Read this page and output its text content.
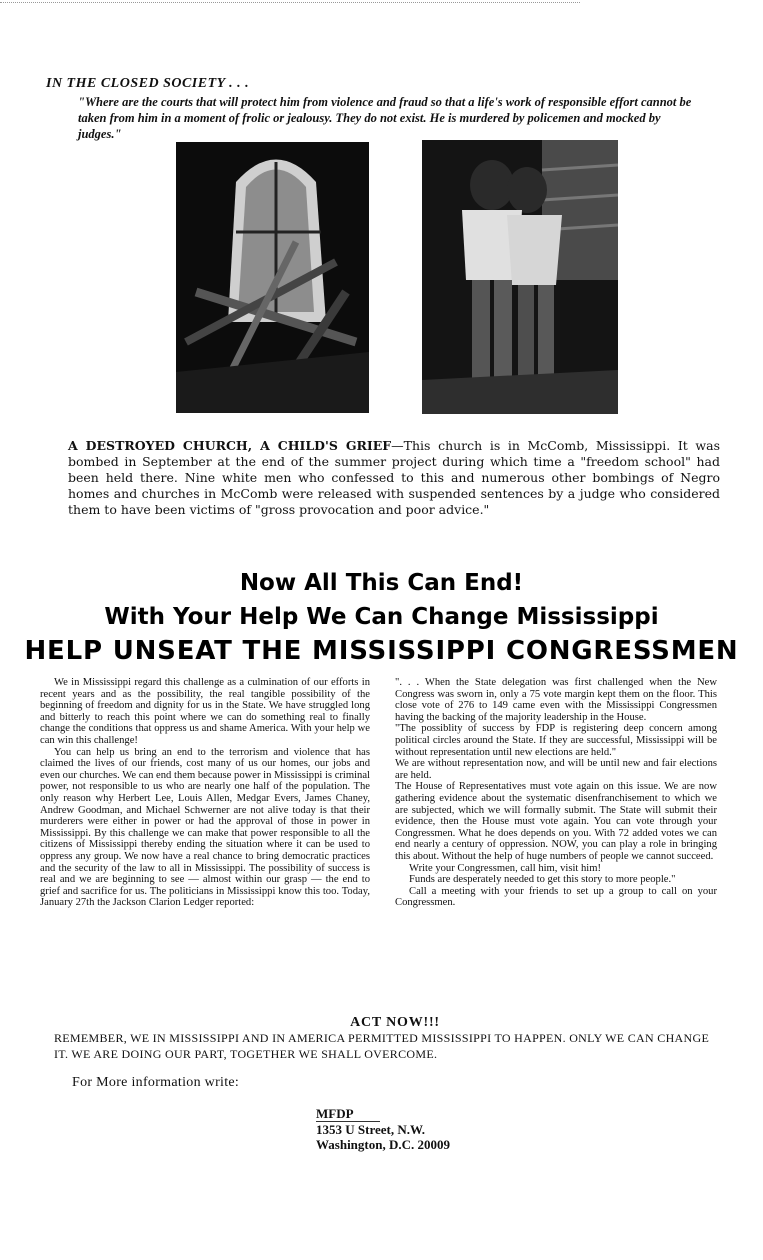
IN THE CLOSED SOCIETY . . .
"Where are the courts that will protect him from violence and fraud so that a life's work of responsible effort cannot be taken from him in a moment of frolic or jealousy. They do not exist. He is murdered by policemen and mocked by judges."
A DESTROYED CHURCH, A CHILD'S GRIEF—This church is in McComb, Mississippi. It was bombed in September at the end of the summer project during which time a "freedom school" had been held there. Nine white men who confessed to this and numerous other bombings of Negro homes and churches in McComb were released with suspended sentences by a judge who considered them to have been victims of "gross provocation and poor advice."
Now All This Can End!
With Your Help We Can Change Mississippi
HELP UNSEAT THE MISSISSIPPI CONGRESSMEN

We in Mississippi regard this challenge as a culmination of our efforts in recent years and as the possibility, the real tangible possibility of the beginning of freedom and dignity for us in the State. We have struggled long and bitterly to reach this point where we can do something real to finally change the conditions that oppress us and shame America. With your help we can win this challenge!

You can help us bring an end to the terrorism and violence that has claimed the lives of our friends, cost many of us our homes, our jobs and even our churches. We can end them because power in Mississippi is criminal power, not responsible to us who are nearly one half of the population. The only reason why Herbert Lee, Louis Allen, Medgar Evers, James Chaney, Andrew Goodman, and Michael Schwerner are not alive today is that their murderers were either in power or had the approval of those in power in Mississippi. By this challenge we can make that power responsible to all the citizens of Mississippi thereby ending the situation where it can be used to oppress any group. We now have a real chance to bring democratic practices and the security of the law to all in Mississippi. The possibility of success is real and we are beginning to see — almost within our grasp — the end to grief and sacrifice for us. The politicians in Mississippi know this too. Today, January 27th the Jackson Clarion Ledger reported:

". . . When the State delegation was first challenged when the New Congress was sworn in, only a 75 vote margin kept them on the floor. This close vote of 276 to 149 came even with the Mississippi Congressmen having the backing of the majority leadership in the House.

"The possiblity of success by FDP is registering deep concern among political circles around the State. If they are successful, Mississippi will be without representation until new elections are held."

We are without representation now, and will be until new and fair elections are held.

The House of Representatives must vote again on this issue. We are now gathering evidence about the systematic disenfranchisement to which we are subjected, which we will formally submit. The State will submit their evidence, then the House must vote again. You can vote through your Congressmen. What he does depends on you. With 72 added votes we can end nearly a century of oppression. NOW, you can play a role in bringing this about. Without the help of huge numbers of people we cannot succeed.

Write your Congressmen, call him, visit him!

Funds are desperately needed to get this story to more people."

Call a meeting with your friends to set up a group to call on your Congressmen.

ACT NOW!!!
REMEMBER, WE IN MISSISSIPPI AND IN AMERICA PERMITTED MISSISSIPPI TO HAPPEN. ONLY WE CAN CHANGE IT. WE ARE DOING OUR PART, TOGETHER WE SHALL OVERCOME.
For More information write:
MFDP
1353 U Street, N.W.
Washington, D.C. 20009
